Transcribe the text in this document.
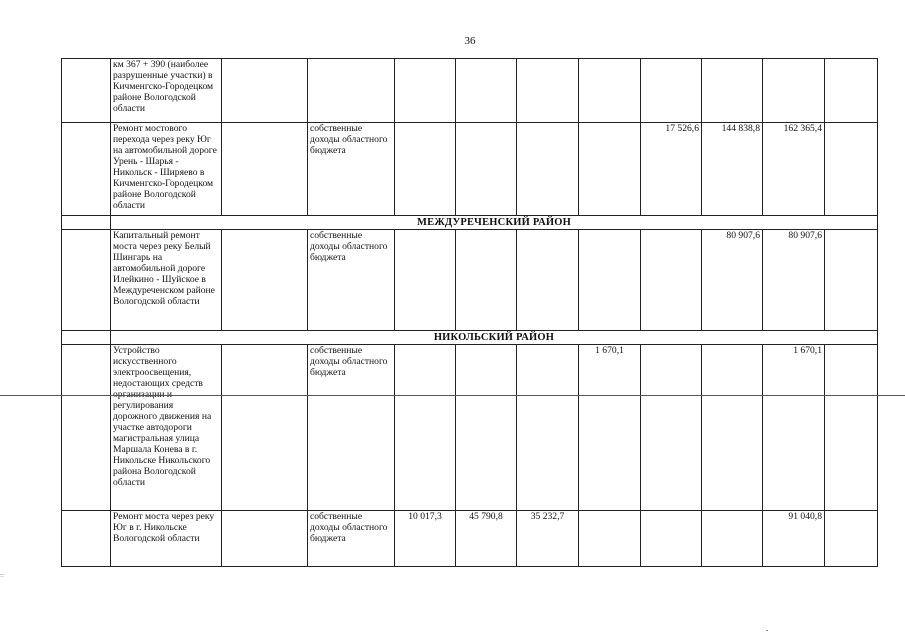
36
	км 367 + 390 (наиболее разрушенные участки) в Кичменгско-Городецком районе Вологодской области										
	Ремонт мостового перехода через реку Юг на автомобильной дороге Урень - Шарья - Никольск - Ширяево в Кичменгско-Городецком районе Вологодской области		собственные доходы областного бюджета					17 526,6	144 838,8	162 365,4	
	МЕЖДУРЕЧЕНСКИЙ РАЙОН										
	Капитальный ремонт моста через реку Белый Шингарь на автомобильной дороге Илейкино - Шуйское в Междуреченском районе Вологодской области		собственные доходы областного бюджета						80 907,6	80 907,6	
	НИКОЛЬСКИЙ РАЙОН										
	Устройство искусственного электроосвещения, недостающих средств регулирования дорожного движения на участке автодороги магистральная улица Маршала Конева в г. Никольске Никольского района Вологодской области		собственные доходы областного бюджета				1 670,1			1 670,1	
	Ремонт моста через реку Юг в г. Никольске Вологодской области		собственные доходы областного бюджета	10 017,3	45 790,8	35 232,7				91 040,8	
=
